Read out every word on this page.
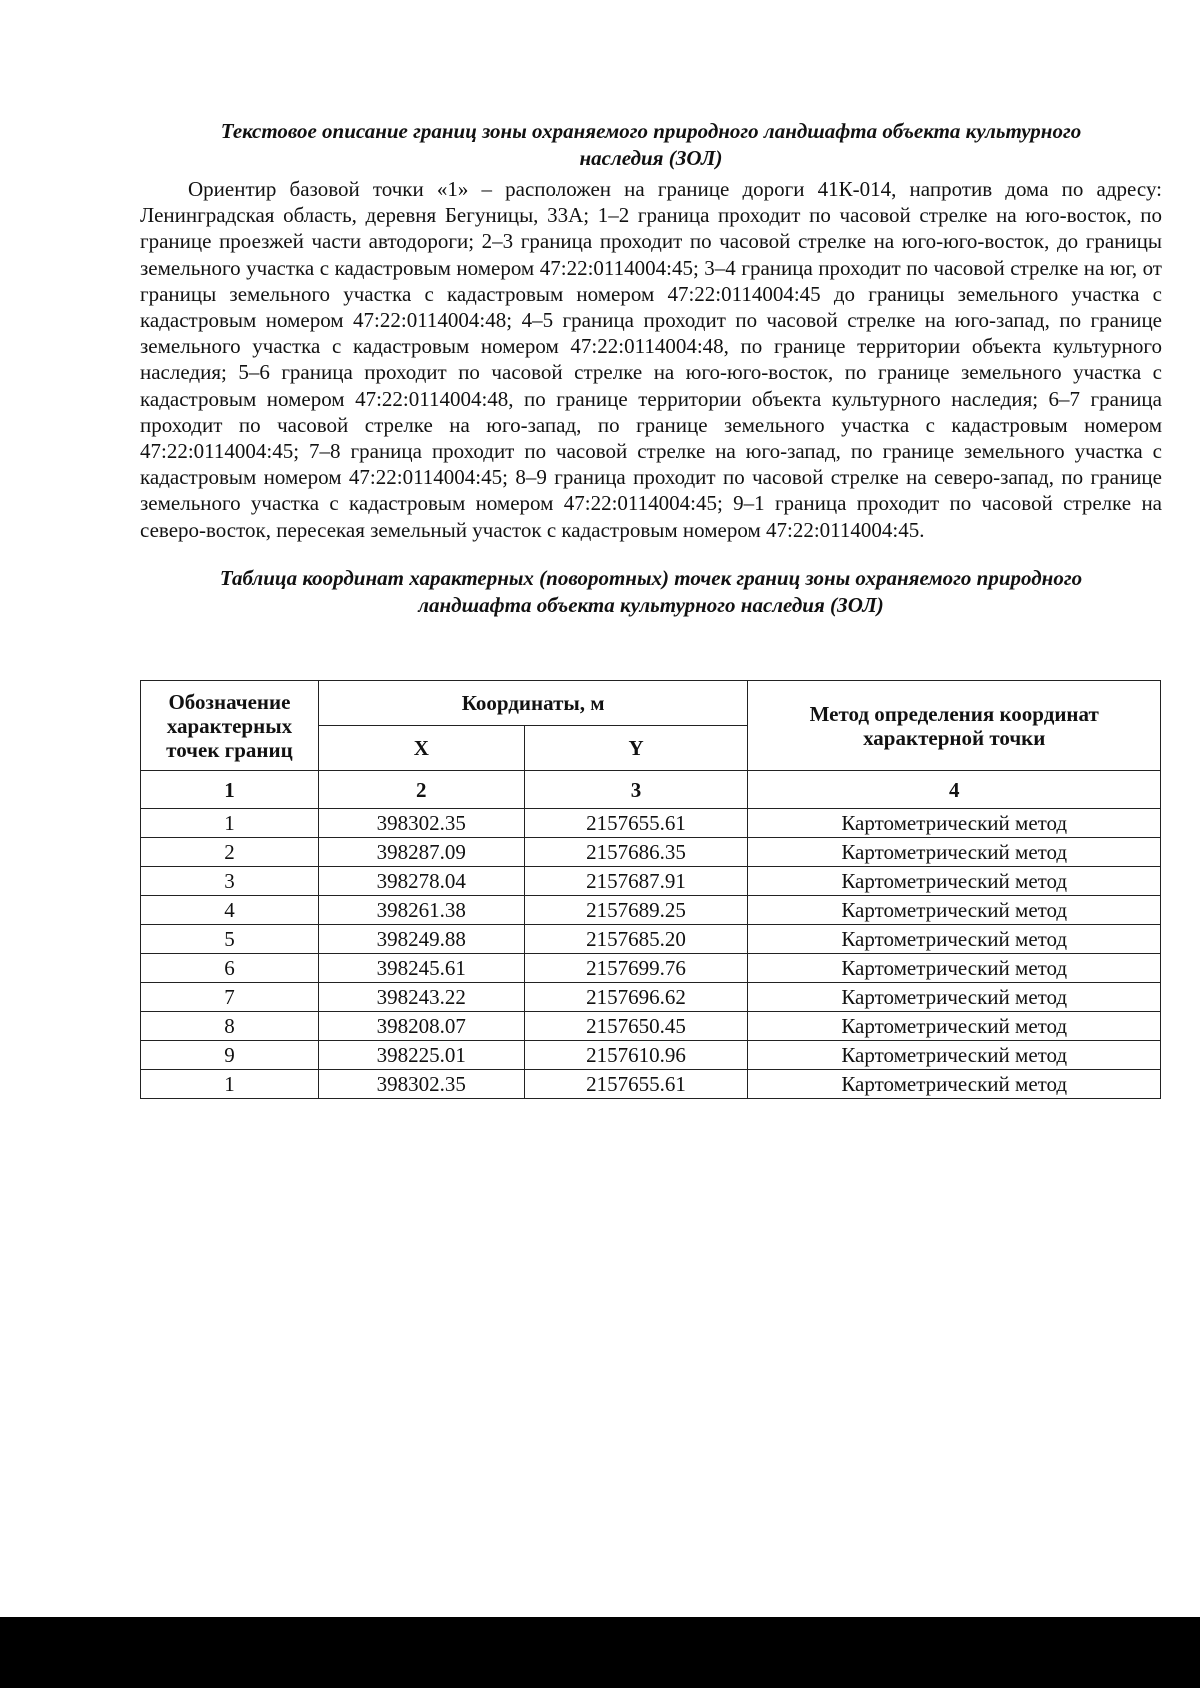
Текстовое описание границ зоны охраняемого природного ландшафта объекта культурного
наследия (ЗОЛ)

Ориентир базовой точки «1» – расположен на границе дороги 41К-014, напротив дома по адресу: Ленинградская область, деревня Бегуницы, 33А; 1–2 граница проходит по часовой стрелке на юго-восток, по границе проезжей части автодороги; 2–3 граница проходит по часовой стрелке на юго-юго-восток, до границы земельного участка с кадастровым номером 47:22:0114004:45; 3–4 граница проходит по часовой стрелке на юг, от границы земельного участка с кадастровым номером 47:22:0114004:45 до границы земельного участка с кадастровым номером 47:22:0114004:48; 4–5 граница проходит по часовой стрелке на юго-запад, по границе земельного участка с кадастровым номером 47:22:0114004:48, по границе территории объекта культурного наследия; 5–6 граница проходит по часовой стрелке на юго-юго-восток, по границе земельного участка с кадастровым номером 47:22:0114004:48, по границе территории объекта культурного наследия; 6–7 граница проходит по часовой стрелке на юго-запад, по границе земельного участка с кадастровым номером 47:22:0114004:45; 7–8 граница проходит по часовой стрелке на юго-запад, по границе земельного участка с кадастровым номером 47:22:0114004:45; 8–9 граница проходит по часовой стрелке на северо-запад, по границе земельного участка с кадастровым номером 47:22:0114004:45; 9–1 граница проходит по часовой стрелке на северо-восток, пересекая земельный участок с кадастровым номером 47:22:0114004:45.

Таблица координат характерных (поворотных) точек границ зоны охраняемого природного
ландшафта объекта культурного наследия (ЗОЛ)
Обозначение характерных точек границ	Координаты, м		Метод определения координат характерной точки
	X	Y	
1	2	3	4
1	398302.35	2157655.61	Картометрический метод
2	398287.09	2157686.35	Картометрический метод
3	398278.04	2157687.91	Картометрический метод
4	398261.38	2157689.25	Картометрический метод
5	398249.88	2157685.20	Картометрический метод
6	398245.61	2157699.76	Картометрический метод
7	398243.22	2157696.62	Картометрический метод
8	398208.07	2157650.45	Картометрический метод
9	398225.01	2157610.96	Картометрический метод
1	398302.35	2157655.61	Картометрический метод
